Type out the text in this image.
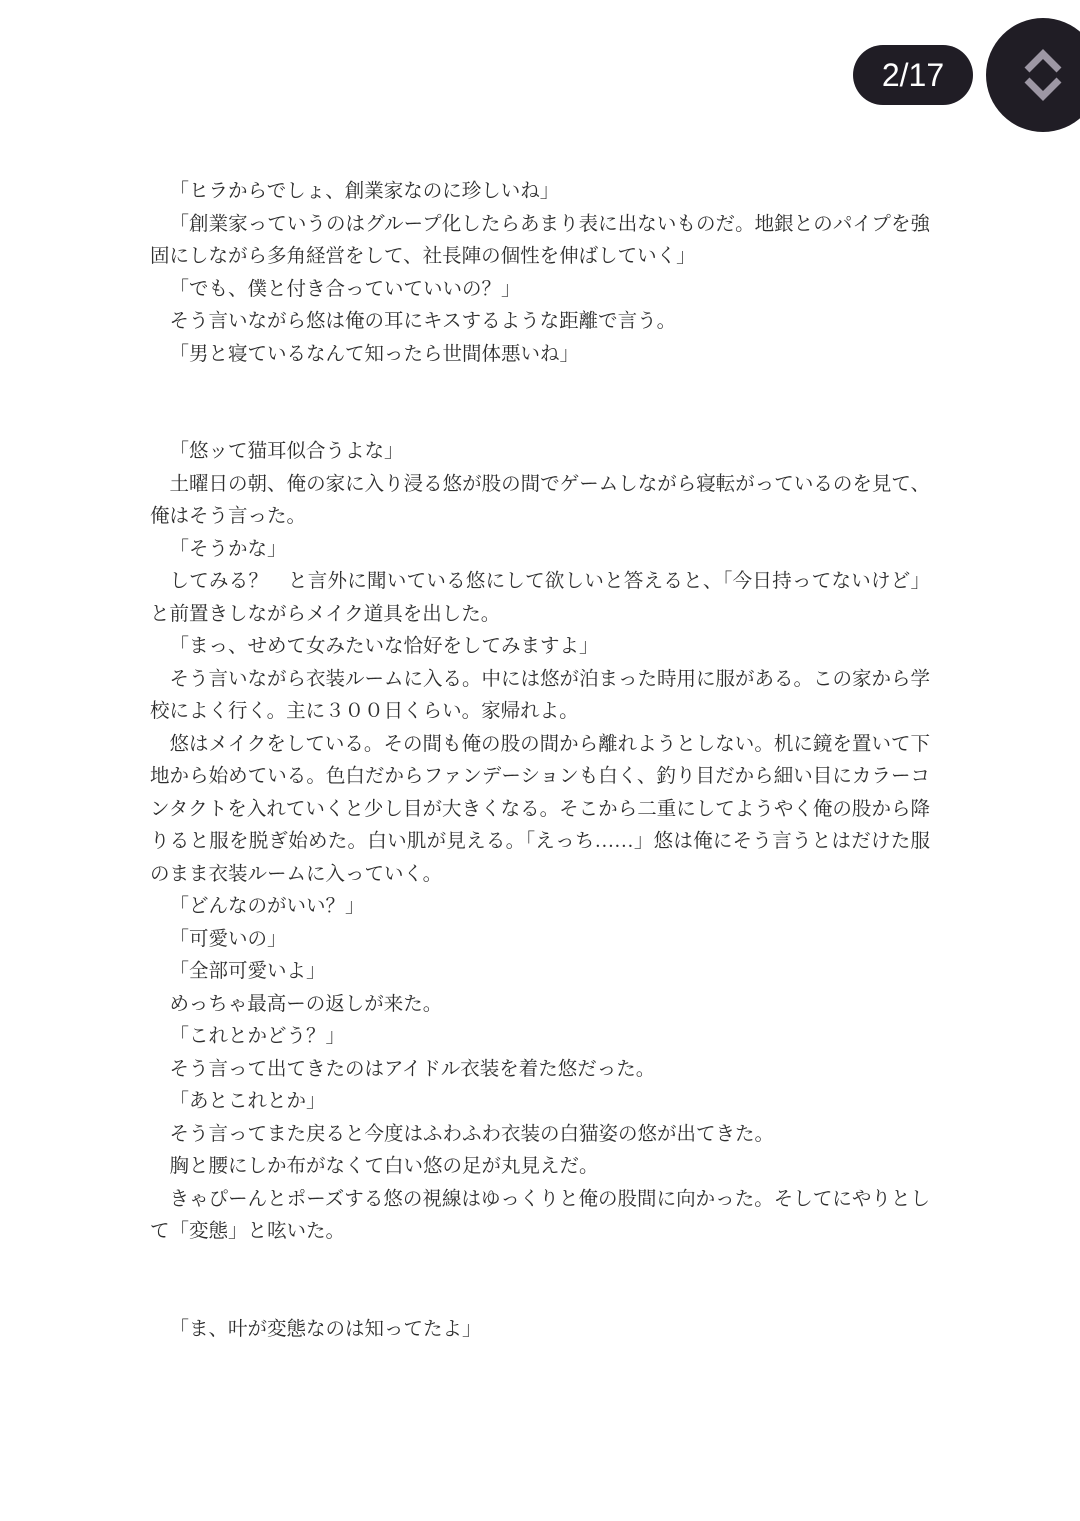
2/17

「ヒラからでしょ、創業家なのに珍しいね」

「創業家っていうのはグループ化したらあまり表に出ないものだ。地銀とのパイプを強固にしながら多角経営をして、社長陣の個性を伸ばしていく」

「でも、僕と付き合っていていいの？」

そう言いながら悠は俺の耳にキスするような距離で言う。

「男と寝ているなんて知ったら世間体悪いね」

「悠ッて猫耳似合うよな」

土曜日の朝、俺の家に入り浸る悠が股の間でゲームしながら寝転がっているのを見て、俺はそう言った。

「そうかな」

してみる？　と言外に聞いている悠にして欲しいと答えると、「今日持ってないけど」と前置きしながらメイク道具を出した。

「まっ、せめて女みたいな恰好をしてみますよ」

そう言いながら衣装ルームに入る。中には悠が泊まった時用に服がある。この家から学校によく行く。主に３００日くらい。家帰れよ。

悠はメイクをしている。その間も俺の股の間から離れようとしない。机に鏡を置いて下地から始めている。色白だからファンデーションも白く、釣り目だから細い目にカラーコンタクトを入れていくと少し目が大きくなる。そこから二重にしてようやく俺の股から降りると服を脱ぎ始めた。白い肌が見える。「えっち……」悠は俺にそう言うとはだけた服のまま衣装ルームに入っていく。

「どんなのがいい？」

「可愛いの」

「全部可愛いよ」

めっちゃ最高ーの返しが来た。

「これとかどう？」

そう言って出てきたのはアイドル衣装を着た悠だった。

「あとこれとか」

そう言ってまた戻ると今度はふわふわ衣装の白猫姿の悠が出てきた。

胸と腰にしか布がなくて白い悠の足が丸見えだ。

きゃぴーんとポーズする悠の視線はゆっくりと俺の股間に向かった。そしてにやりとして「変態」と呟いた。

「ま、叶が変態なのは知ってたよ」
